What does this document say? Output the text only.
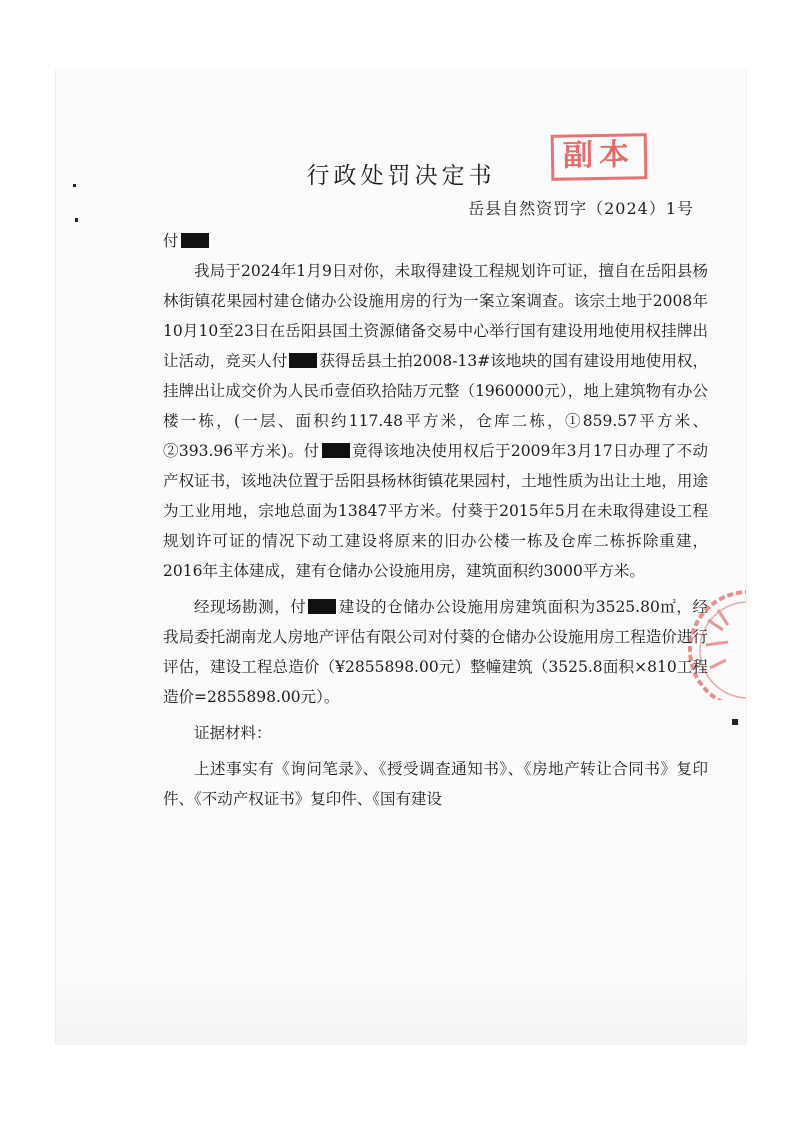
副本
行政处罚决定书
岳县自然资罚字（2024）1号
付

我局于2024年1月9日对你，未取得建设工程规划许可证，擅自在岳阳县杨林街镇花果园村建仓储办公设施用房的行为一案立案调查。该宗土地于2008年10月10至23日在岳阳县国土资源储备交易中心举行国有建设用地使用权挂牌出让活动，竞买人付 获得岳县土拍2008-13#该地块的国有建设用地使用权，挂牌出让成交价为人民币壹佰玖拾陆万元整（1960000元），地上建筑物有办公楼一栋，(一层、面积约117.48平方米，仓库二栋，①859.57平方米、②393.96平方米)。付 竟得该地决使用权后于2009年3月17日办理了不动产权证书，该地决位置于岳阳县杨林街镇花果园村，土地性质为出让土地，用途为工业用地，宗地总面为13847平方米。付葵于2015年5月在未取得建设工程规划许可证的情况下动工建设将原来的旧办公楼一栋及仓库二栋拆除重建，2016年主体建成，建有仓储办公设施用房，建筑面积约3000平方米。

经现场勘测，付 建设的仓储办公设施用房建筑面积为3525.80㎡，经我局委托湖南龙人房地产评估有限公司对付葵的仓储办公设施用房工程造价进行评估，建设工程总造价（¥2855898.00元）整幢建筑（3525.8面积×810工程造价=2855898.00元）。

证据材料：

上述事实有《询问笔录》、《授受调查通知书》、《房地产转让合同书》复印件、《不动产权证书》复印件、《国有建设
